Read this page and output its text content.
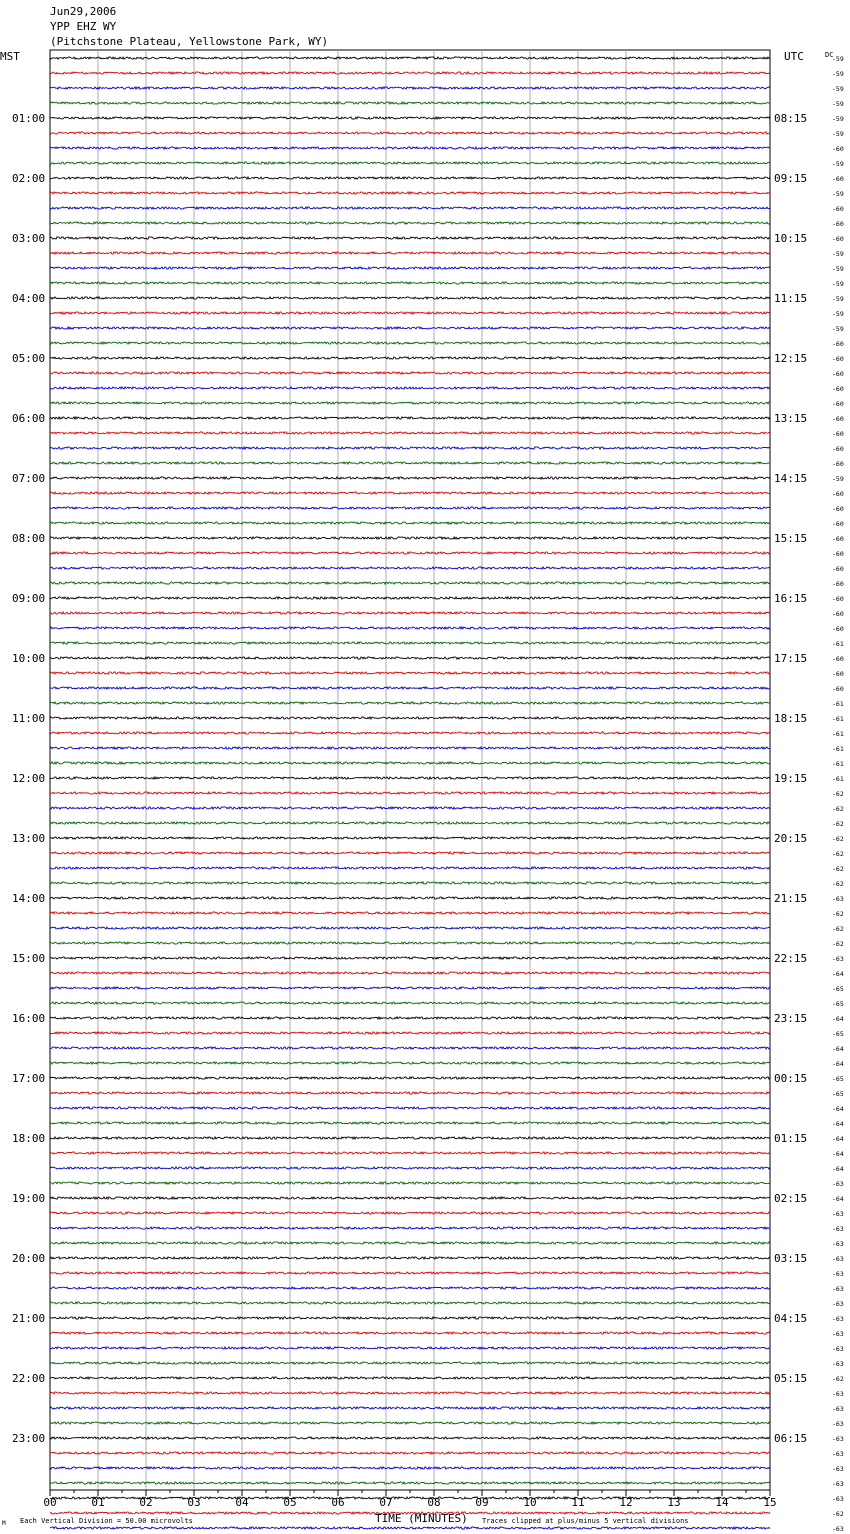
Jun29,2006
YPP EHZ WY
(Pitchstone Plateau, Yellowstone Park, WY)
MST	UTC	DC
TIME (MINUTES)
Each Vertical Division = 50.00 microvolts	Traces clipped at plus/minus 5 vertical divisions
M
-59
-59
-59
-59
-59
-59
-60
-59
-60
-59
-60
-60
-60
-59
-59
-59
-59
-59
-59
-60
-60
-60
-60
-60
-60
-60
-60
-60
-59
-60
-60
-60
-60
-60
-60
-60
-60
-60
-60
-61
-60
-60
-60
-61
-61
-61
-61
-61
-61
-62
-62
-62
-62
-62
-62
-62
-63
-62
-62
-62
-63
-64
-65
-65
-64
-65
-64
-64
-65
-65
-64
-64
-64
-64
-64
-63
-64
-63
-63
-63
-63
-63
-63
-63
-63
-63
-63
-63
-62
-63
-63
-63
-63
-63
-63
-63
-63
-62
-63
01:00	08:15
02:00	09:15
03:00	10:15
04:00	11:15
05:00	12:15
06:00	13:15
07:00	14:15
08:00	15:15
09:00	16:15
10:00	17:15
11:00	18:15
12:00	19:15
13:00	20:15
14:00	21:15
15:00	22:15
16:00	23:15
17:00	00:15
18:00	01:15
19:00	02:15
20:00	03:15
21:00	04:15
22:00	05:15
23:00	06:15
00	01	02	03	04	05	06	07	08	09	10	11	12	13	14	15
